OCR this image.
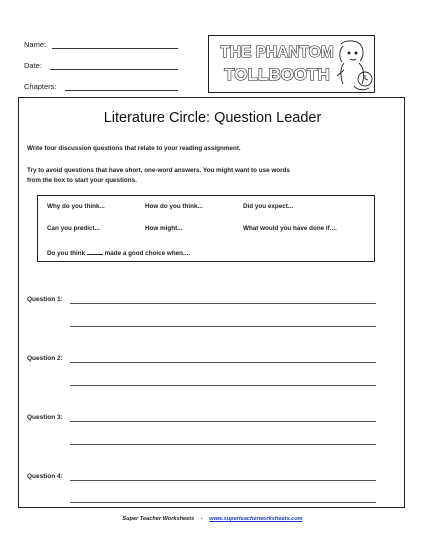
Name:
Date:
Chapters:
THE PHANTOM
TOLLBOOTH
Literature Circle: Question Leader
Write four discussion questions that relate to your reading assignment.
Try to avoid questions that have short, one-word answers. You might want to use words
from the box to start your questions.
Why do you think...	How do you think...	Did you expect...
Can you predict...	How might...	What would you have done if....
Do you think	made a good choice when....
Question 1:
Question 2:
Question 3:
Question 4:
Super Teacher Worksheets - www.superteacherworksheets.com
